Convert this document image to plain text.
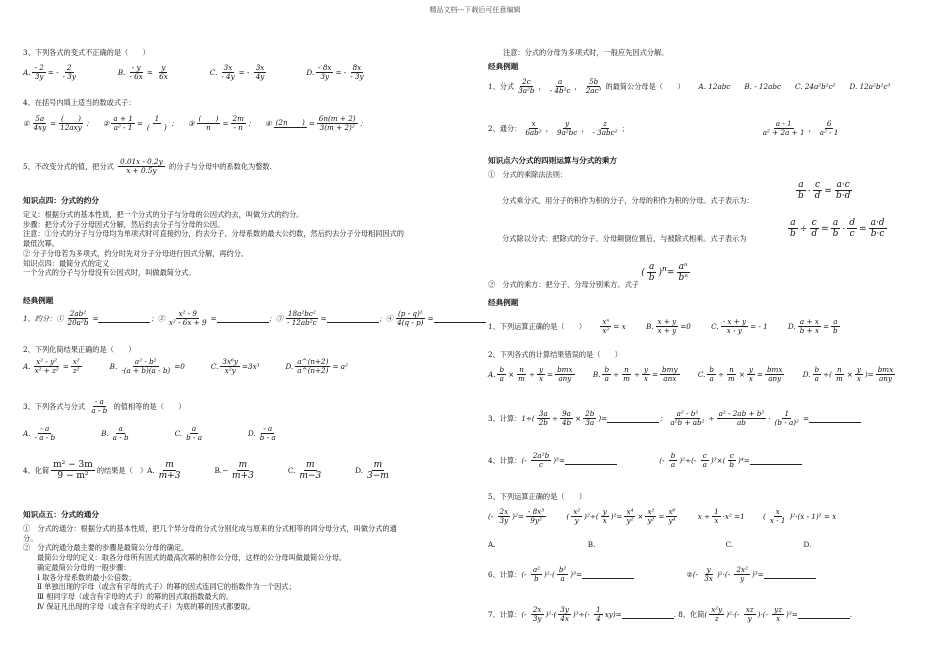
精品文档---下载后可任意编辑
3、下列各式的变式不正确的是（　　）
A. $\frac{- 2}{3y}$ = - $\frac{2}{- 3y}$	B. $\frac{- y}{- 6x} = \frac{y}{6x}$	C. $\frac{3x}{- 4y}$ = - $\frac{3x}{4y}$	D. $\frac{- 8x}{3y}$ = - $\frac{8x}{- 3y}$
4、在括号内填上适当的数或式子：
① $\frac{5a}{4xy} = \frac{( )}{\text{12axy}}$ ； ② $\frac{a + 1}{\text{a² - 1}} = \frac{1}{( )}$ ； ③ $\frac{( )}{n} = \frac{2m}{- n}$ ； ④ (2n　　) = $\frac{6n(m + 2)}{\text{3(m + 2)²}}$ ；
5、不改变分式的值，把分式 $\frac{0.01x - 0.2y}{x + 0.5y}$ 的分子与分母中的系数化为整数.
知识点四：分式的约分
定义：根据分式的基本性质，把一个分式的分子与分母的公因式约去，叫做分式的约分。
步骤：把分式分子分母因式分解，然后约去分子与分母的公因。
注意：①分式的分子与分母均为单项式时可直接约分，约去分子、分母系数的最大公约数，然后约去分子分母相同因式的
最低次幂。
② 分子分母若为多项式，约分时先对分子分母进行因式分解，再约分。
知识点四：最简分式的定义
一个分式的分子与分母没有公因式时，叫做最简分式。
经典例题
1、约分：① $\frac{\text{2ab²}}{\text{20a²b}}$ =	；② $\frac{\text{x² - 9}}{\text{x² - 6x + 9}}$ =	；③ $\frac{\text{18a²bc²}}{\text{- 12ab²c}}$ =	；④ $\frac{\text{(p - q)²}}{4(q - p)}$ =
2、下列化简结果正确的是（　　）
A. $\frac{\text{x² - y²}}{\text{x² + z²}} = \frac{\text{x²}}{\text{z²}}$	B. $\frac{\text{a² - b²}}{-(a + b)(a - b)} =0$	C. $\frac{\text{3x⁶y}}{\text{x²y}} =3x^3$	D. $\frac{a\^{}(n+2)}{a\^{}(n+2)} = a^2$
3、下列各式与分式 $\frac{- a}{a - b}$ 的值相等的是（　　）
A. $\frac{- a}{- a - b}$	B. $\frac{a}{a - b}$	C. $\frac{a}{b - a}$	D. $\frac{- a}{b - a}$
4、化简 $\frac{\text{m² − 3m}}{\text{9 − m²}}$ 的结果是（　）A. $\frac{m}{m+3}$	$B.- \frac{m}{m+3}$	C. $\frac{m}{m-3}$	D. $\frac{m}{3-m}$
知识点五：分式的通分
①　分式的通分：根据分式的基本性质，把几个异分母的分式分别化成与原来的分式相等的同分母分式，叫做分式的通
分。
②　分式的通分最主要的步骤是最简公分母的确定。
最简公分母的定义：取各分母所有因式的最高次幂的积作公分母，这样的公分母叫做最简公分母。
确定最简公分母的一般步骤：
Ⅰ 取各分母系数的最小公倍数；
Ⅱ 单独出现的字母（或含有字母的式子）的幂的因式连同它的指数作为一个因式；
Ⅲ 相同字母（或含有字母的式子）的幂的因式取指数最大的。
Ⅳ 保证凡出现的字母（或含有字母的式子）为底的幂的因式都要取。
注意：分式的分母为多项式时，一般应先因式分解。
经典例题
1、分式 $\frac{2c}{\text{3a²b}}$ ， $\frac{a}{\text{- 4b²c}}$ ， $\frac{5b}{\text{2ac³}}$ 的最简公分母是（　　） A. 12abc B. - 12abc C. 24a²b²c² D. 12a²b²c³
2、通分： $\frac{x}{\text{6ab²}}$ ， $\frac{y}{\text{9a²bc}}$ ， $\frac{z}{\text{- 3abc²}}$ ；	$\frac{a - 1}{\text{a² + 2a + 1}}$ ， $\frac{6}{\text{a² - 1}}$
知识点六分式的四则运算与分式的乘方
①　分式的乘除法法则：
$\frac{a}{b} \cdot \frac{c}{d} = \frac{a\cdot c}{b\cdot d}$
分式乘分式，用分子的积作为积的分子，分母的积作为积的分母。式子表示为：
$\frac{a}{b} \div \frac{c}{d} = \frac{a}{b} \cdot \frac{d}{c} = \frac{a\cdot d}{b\cdot c}$
分式除以分式：把除式的分子、分母颠倒位置后，与被除式相乘。式子表示为
②　分式的乘方：把分子、分母分别乘方。式子 ( $\frac{a}{b} )^n= \frac{\text{aⁿ}}{\text{bⁿ}}$
经典例题
1、下列运算正确的是（　　） $\frac{\text{xⁿ}}{\text{x²}} = x$	B. $\frac{x + y}{x + y} =0$	C. $\frac{- x + y}{x - y}$ = - 1	D. $\frac{a + x}{b + x} = \frac{a}{b}$
2、下列各式的计算结果错误的是（　　）
A. $\frac{b}{a} \times \frac{n}{m} \div \frac{y}{x} = \frac{\text{bmx}}{\text{any}}$	B. $\frac{b}{a} \div \frac{n}{m} \div \frac{y}{x} = \frac{\text{bmy}}{\text{anx}}$	C. $\frac{b}{a} \div \frac{n}{m} \times \frac{y}{x} = \frac{\text{bmx}}{\text{any}}$	D. $\frac{b}{a}$ ÷( $\frac{n}{m} \times \frac{y}{x}$ )= $\frac{\text{bmx}}{\text{any}}$
3、计算：$1\div( \frac{3a}{2b} \div \frac{9a}{4b} \times \frac{2b}{3a}$ )=	； $\frac{\text{a² - b²}}{\text{a²b + ab²}} \div \frac{\text{a² - 2ab + b²}}{ab} \cdot \frac{1}{\text{(b - a)²}}$ =
4、计算：(- $\frac{\text{2a²b}}{c} )^3=$	(- $\frac{b}{a} )^2\div(- \frac{c}{a} )^3\times( \frac{c}{b} )^4=$
5、下列运算正确的是（　　）
(- $\frac{2x}{3y} )^2= \frac{\text{- 8x³}}{\text{9y²}}$	( $\frac{\text{x²}}{y} )^2\div( \frac{y}{x} )^2= \frac{\text{x⁴}}{\text{y²}} \times \frac{\text{x²}}{\text{y²}} = \frac{\text{x⁶}}{\text{y⁴}}$	$x \div \frac{1}{x} \cdot x^2 =1$	( $\frac{x}{x - 1} )^2\cdot(x - 1)^2 = x$
A.	B.	C.	D.
6、计算：(- $\frac{\text{a²}}{b} )^2\cdot( \frac{\text{b²}}{a} )^3=$	②(- $\frac{y}{3x} )^2\cdot(- \frac{\text{2x²}}{y} )^3=$
7、计算：(- $\frac{2x}{3y} )^2\cdot( \frac{3y}{4x} )^3\div(- \frac{1}{4} xy)=$	. 8、化简( $\frac{\text{x²y}}{z} )^2\cdot(- \frac{xz}{y}$ )·(- $\frac{yz}{x} )^3=$	.
